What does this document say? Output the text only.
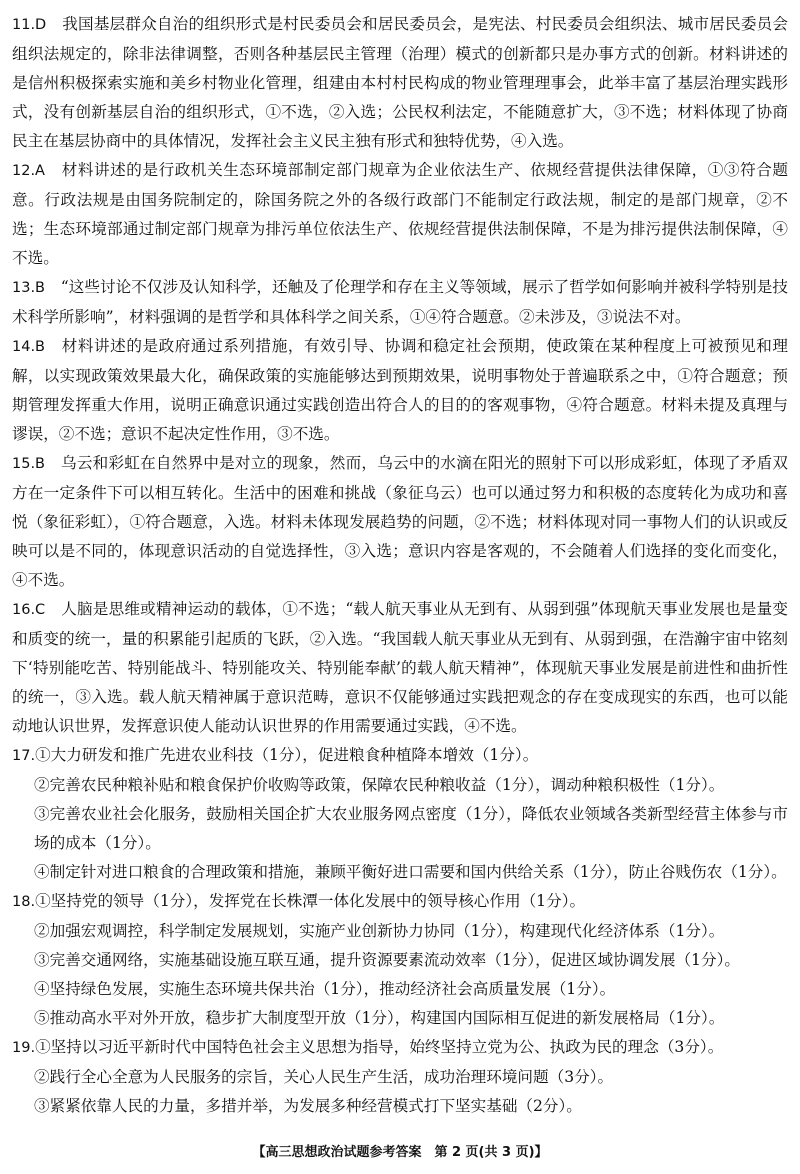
11.D　我国基层群众自治的组织形式是村民委员会和居民委员会，是宪法、村民委员会组织法、城市居民委员会组织法规定的，除非法律调整，否则各种基层民主管理（治理）模式的创新都只是办事方式的创新。材料讲述的是信州积极探索实施和美乡村物业化管理，组建由本村村民构成的物业管理理事会，此举丰富了基层治理实践形式，没有创新基层自治的组织形式，①不选，②入选；公民权利法定，不能随意扩大，③不选；材料体现了协商民主在基层协商中的具体情况，发挥社会主义民主独有形式和独特优势，④入选。

12.A　材料讲述的是行政机关生态环境部制定部门规章为企业依法生产、依规经营提供法律保障，①③符合题意。行政法规是由国务院制定的，除国务院之外的各级行政部门不能制定行政法规，制定的是部门规章，②不选；生态环境部通过制定部门规章为排污单位依法生产、依规经营提供法制保障，不是为排污提供法制保障，④不选。

13.B　“这些讨论不仅涉及认知科学，还触及了伦理学和存在主义等领域，展示了哲学如何影响并被科学特别是技术科学所影响”，材料强调的是哲学和具体科学之间关系，①④符合题意。②未涉及，③说法不对。

14.B　材料讲述的是政府通过系列措施，有效引导、协调和稳定社会预期，使政策在某种程度上可被预见和理解，以实现政策效果最大化，确保政策的实施能够达到预期效果，说明事物处于普遍联系之中，①符合题意；预期管理发挥重大作用，说明正确意识通过实践创造出符合人的目的的客观事物，④符合题意。材料未提及真理与谬误，②不选；意识不起决定性作用，③不选。

15.B　乌云和彩虹在自然界中是对立的现象，然而，乌云中的水滴在阳光的照射下可以形成彩虹，体现了矛盾双方在一定条件下可以相互转化。生活中的困难和挑战（象征乌云）也可以通过努力和积极的态度转化为成功和喜悦（象征彩虹），①符合题意，入选。材料未体现发展趋势的问题，②不选；材料体现对同一事物人们的认识或反映可以是不同的，体现意识活动的自觉选择性，③入选；意识内容是客观的，不会随着人们选择的变化而变化，④不选。

16.C　人脑是思维或精神运动的载体，①不选；“载人航天事业从无到有、从弱到强”体现航天事业发展也是量变和质变的统一，量的积累能引起质的飞跃，②入选。“我国载人航天事业从无到有、从弱到强，在浩瀚宇宙中铭刻下‘特别能吃苦、特别能战斗、特别能攻关、特别能奉献’的载人航天精神”，体现航天事业发展是前进性和曲折性的统一，③入选。载人航天精神属于意识范畴，意识不仅能够通过实践把观念的存在变成现实的东西，也可以能动地认识世界，发挥意识使人能动认识世界的作用需要通过实践，④不选。

17.①大力研发和推广先进农业科技（1分），促进粮食种植降本增效（1分）。

②完善农民种粮补贴和粮食保护价收购等政策，保障农民种粮收益（1分），调动种粮积极性（1分）。

③完善农业社会化服务，鼓励相关国企扩大农业服务网点密度（1分），降低农业领域各类新型经营主体参与市场的成本（1分）。

④制定针对进口粮食的合理政策和措施，兼顾平衡好进口需要和国内供给关系（1分），防止谷贱伤农（1分）。

18.①坚持党的领导（1分），发挥党在长株潭一体化发展中的领导核心作用（1分）。

②加强宏观调控，科学制定发展规划，实施产业创新协力协同（1分），构建现代化经济体系（1分）。

③完善交通网络，实施基础设施互联互通，提升资源要素流动效率（1分），促进区域协调发展（1分）。

④坚持绿色发展，实施生态环境共保共治（1分），推动经济社会高质量发展（1分）。

⑤推动高水平对外开放，稳步扩大制度型开放（1分），构建国内国际相互促进的新发展格局（1分）。

19.①坚持以习近平新时代中国特色社会主义思想为指导，始终坚持立党为公、执政为民的理念（3分）。

②践行全心全意为人民服务的宗旨，关心人民生产生活，成功治理环境问题（3分）。

③紧紧依靠人民的力量，多措并举，为发展多种经营模式打下坚实基础（2分）。

【高三思想政治试题参考答案　第 2 页(共 3 页)】
